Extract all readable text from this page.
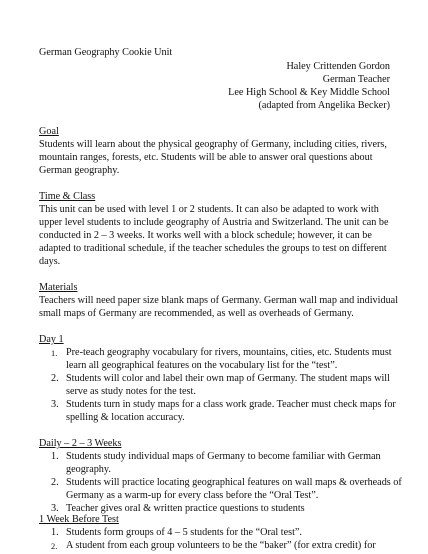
German Geography Cookie Unit
Haley Crittenden Gordon
German Teacher
Lee High School & Key Middle School
(adapted from Angelika Becker)
Goal
Students will learn about the physical geography of Germany, including cities, rivers,
mountain ranges, forests, etc. Students will be able to answer oral questions about
German geography.
Time & Class
This unit can be used with level 1 or 2 students. It can also be adapted to work with
upper level students to include geography of Austria and Switzerland. The unit can be
conducted in 2 – 3 weeks. It works well with a block schedule; however, it can be
adapted to traditional schedule, if the teacher schedules the groups to test on different
days.
Materials
Teachers will need paper size blank maps of Germany. German wall map and individual
small maps of Germany are recommended, as well as overheads of Germany.
Day 1
1. Pre-teach geography vocabulary for rivers, mountains, cities, etc. Students must
learn all geographical features on the vocabulary list for the “test”.
2. Students will color and label their own map of Germany. The student maps will
serve as study notes for the test.
3. Students turn in study maps for a class work grade. Teacher must check maps for
spelling & location accuracy.
Daily – 2 – 3 Weeks
1. Students study individual maps of Germany to become familiar with German
geography.
2. Students will practice locating geographical features on wall maps & overheads of
Germany as a warm-up for every class before the “Oral Test”.
3. Teacher gives oral & written practice questions to students
1 Week Before Test
1. Students form groups of 4 – 5 students for the “Oral test”.
2. A student from each group volunteers to be the “baker” (for extra credit) for
